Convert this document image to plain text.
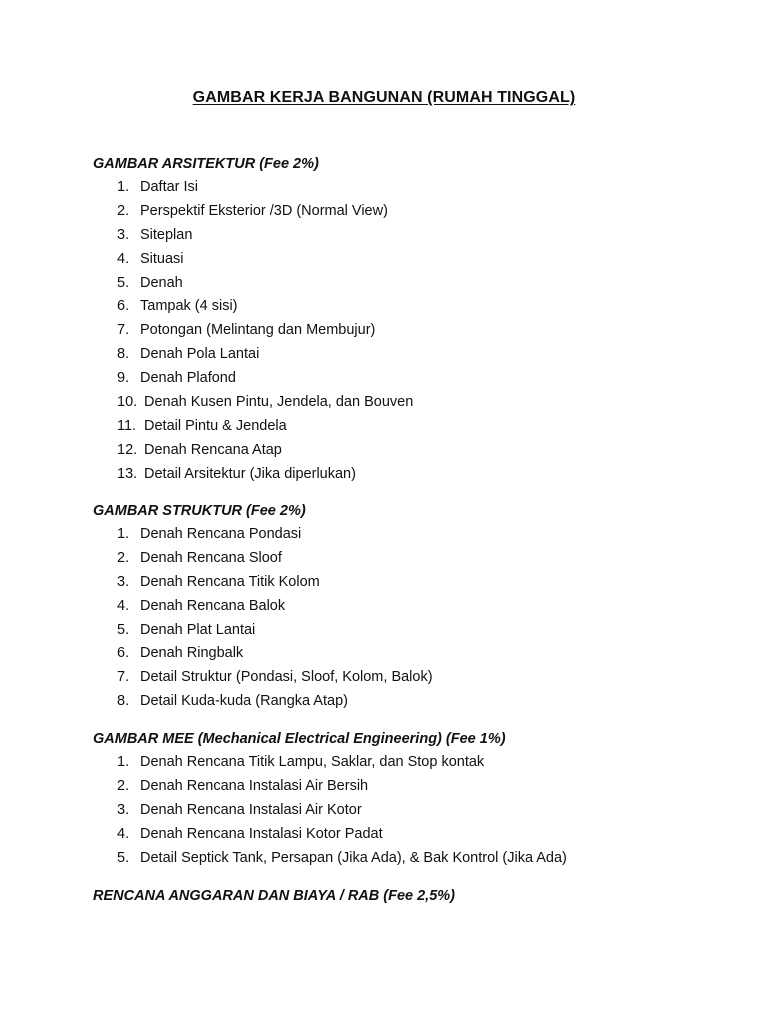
GAMBAR KERJA BANGUNAN (RUMAH TINGGAL)
GAMBAR ARSITEKTUR (Fee 2%)
1. Daftar Isi
2. Perspektif Eksterior /3D (Normal View)
3. Siteplan
4. Situasi
5. Denah
6. Tampak (4 sisi)
7. Potongan (Melintang dan Membujur)
8. Denah Pola Lantai
9. Denah Plafond
10. Denah Kusen Pintu, Jendela, dan Bouven
11. Detail Pintu & Jendela
12. Denah Rencana Atap
13. Detail Arsitektur (Jika diperlukan)
GAMBAR STRUKTUR (Fee 2%)
1. Denah Rencana Pondasi
2. Denah Rencana Sloof
3. Denah Rencana Titik Kolom
4. Denah Rencana Balok
5. Denah Plat Lantai
6. Denah Ringbalk
7. Detail Struktur (Pondasi, Sloof, Kolom, Balok)
8. Detail Kuda-kuda (Rangka Atap)
GAMBAR MEE (Mechanical Electrical Engineering) (Fee 1%)
1. Denah Rencana Titik Lampu, Saklar, dan Stop kontak
2. Denah Rencana Instalasi Air Bersih
3. Denah Rencana Instalasi Air Kotor
4. Denah Rencana Instalasi Kotor Padat
5. Detail Septick Tank, Persapan (Jika Ada), & Bak Kontrol (Jika Ada)
RENCANA ANGGARAN DAN BIAYA / RAB (Fee 2,5%)
